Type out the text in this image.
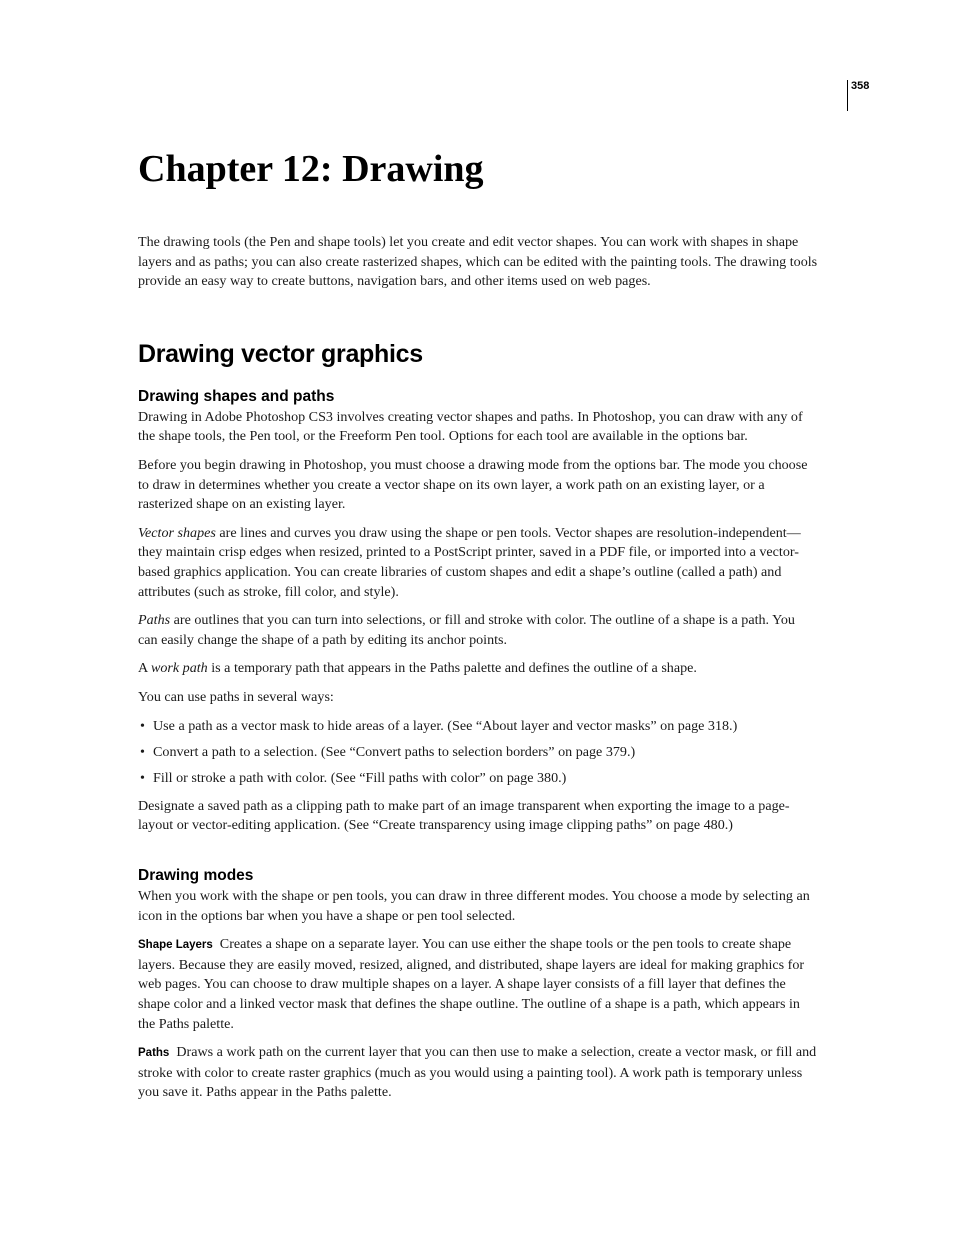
358
Chapter 12: Drawing

The drawing tools (the Pen and shape tools) let you create and edit vector shapes. You can work with shapes in shape layers and as paths; you can also create rasterized shapes, which can be edited with the painting tools. The drawing tools provide an easy way to create buttons, navigation bars, and other items used on web pages.

Drawing vector graphics
Drawing shapes and paths

Drawing in Adobe Photoshop CS3 involves creating vector shapes and paths. In Photoshop, you can draw with any of the shape tools, the Pen tool, or the Freeform Pen tool. Options for each tool are available in the options bar.

Before you begin drawing in Photoshop, you must choose a drawing mode from the options bar. The mode you choose to draw in determines whether you create a vector shape on its own layer, a work path on an existing layer, or a rasterized shape on an existing layer.

Vector shapes are lines and curves you draw using the shape or pen tools. Vector shapes are resolution-independent—they maintain crisp edges when resized, printed to a PostScript printer, saved in a PDF file, or imported into a vector-based graphics application. You can create libraries of custom shapes and edit a shape’s outline (called a path) and attributes (such as stroke, fill color, and style).

Paths are outlines that you can turn into selections, or fill and stroke with color. The outline of a shape is a path. You can easily change the shape of a path by editing its anchor points.

A work path is a temporary path that appears in the Paths palette and defines the outline of a shape.

You can use paths in several ways:

• Use a path as a vector mask to hide areas of a layer. (See “About layer and vector masks” on page 318.)
• Convert a path to a selection. (See “Convert paths to selection borders” on page 379.)
• Fill or stroke a path with color. (See “Fill paths with color” on page 380.)

Designate a saved path as a clipping path to make part of an image transparent when exporting the image to a page-layout or vector-editing application. (See “Create transparency using image clipping paths” on page 480.)

Drawing modes

When you work with the shape or pen tools, you can draw in three different modes. You choose a mode by selecting an icon in the options bar when you have a shape or pen tool selected.

Shape Layers Creates a shape on a separate layer. You can use either the shape tools or the pen tools to create shape layers. Because they are easily moved, resized, aligned, and distributed, shape layers are ideal for making graphics for web pages. You can choose to draw multiple shapes on a layer. A shape layer consists of a fill layer that defines the shape color and a linked vector mask that defines the shape outline. The outline of a shape is a path, which appears in the Paths palette.

Paths Draws a work path on the current layer that you can then use to make a selection, create a vector mask, or fill and stroke with color to create raster graphics (much as you would using a painting tool). A work path is temporary unless you save it. Paths appear in the Paths palette.
